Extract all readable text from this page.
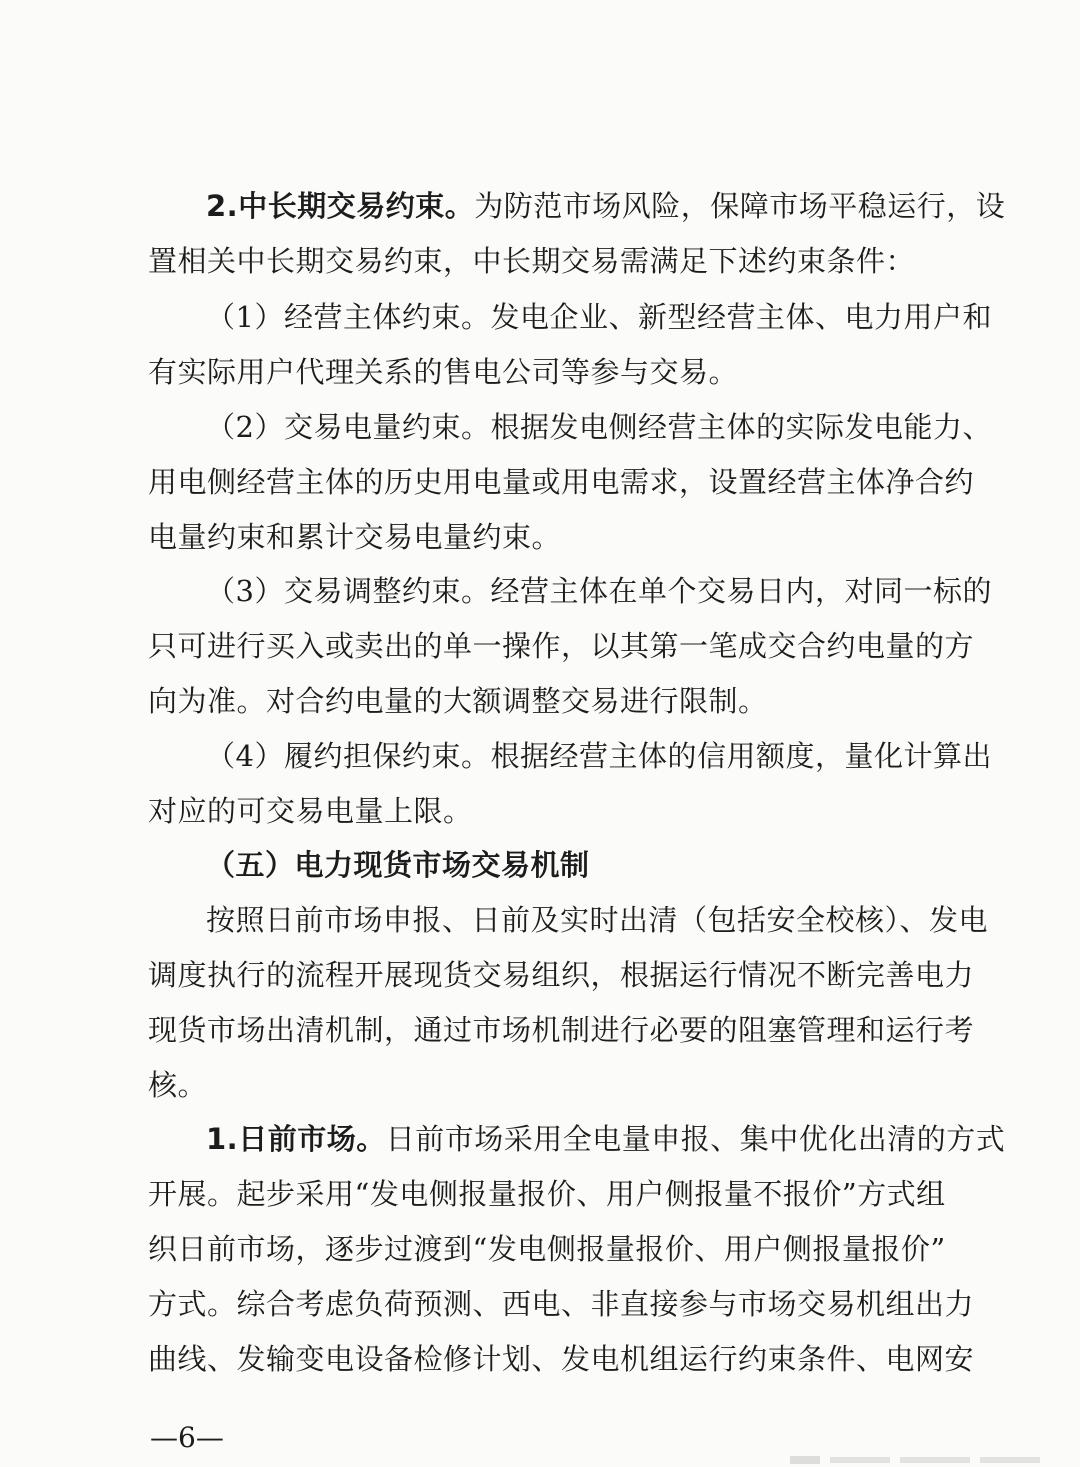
2.中长期交易约束。为防范市场风险，保障市场平稳运行，设
置相关中长期交易约束，中长期交易需满足下述约束条件：
（1）经营主体约束。发电企业、新型经营主体、电力用户和
有实际用户代理关系的售电公司等参与交易。
（2）交易电量约束。根据发电侧经营主体的实际发电能力、
用电侧经营主体的历史用电量或用电需求，设置经营主体净合约
电量约束和累计交易电量约束。
（3）交易调整约束。经营主体在单个交易日内，对同一标的
只可进行买入或卖出的单一操作，以其第一笔成交合约电量的方
向为准。对合约电量的大额调整交易进行限制。
（4）履约担保约束。根据经营主体的信用额度，量化计算出
对应的可交易电量上限。
（五）电力现货市场交易机制
按照日前市场申报、日前及实时出清（包括安全校核）、发电
调度执行的流程开展现货交易组织，根据运行情况不断完善电力
现货市场出清机制，通过市场机制进行必要的阻塞管理和运行考
核。
1.日前市场。日前市场采用全电量申报、集中优化出清的方式
开展。起步采用“发电侧报量报价、用户侧报量不报价”方式组
织日前市场，逐步过渡到“发电侧报量报价、用户侧报量报价”
方式。综合考虑负荷预测、西电、非直接参与市场交易机组出力
曲线、发输变电设备检修计划、发电机组运行约束条件、电网安
—6—
